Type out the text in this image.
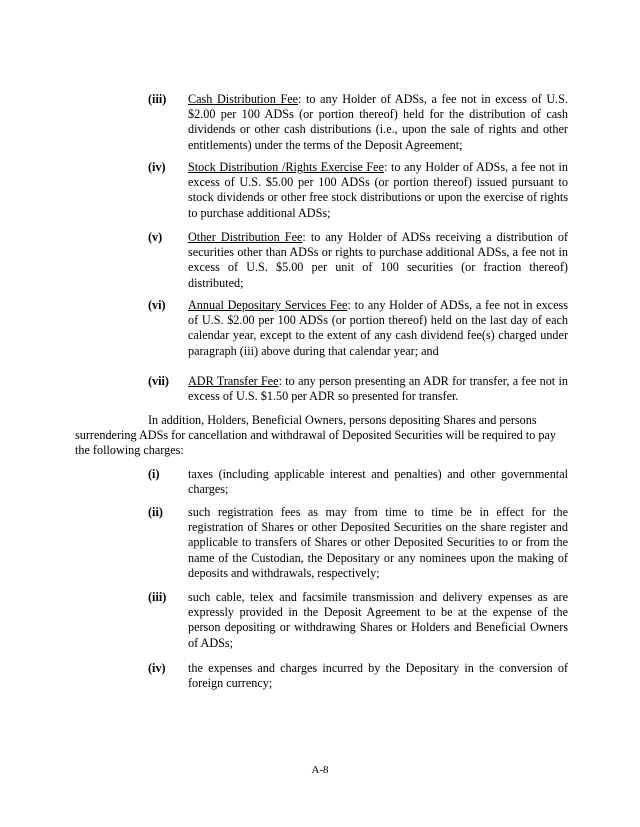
(iii) Cash Distribution Fee: to any Holder of ADSs, a fee not in excess of U.S. $2.00 per 100 ADSs (or portion thereof) held for the distribution of cash dividends or other cash distributions (i.e., upon the sale of rights and other entitlements) under the terms of the Deposit Agreement;
(iv) Stock Distribution /Rights Exercise Fee: to any Holder of ADSs, a fee not in excess of U.S. $5.00 per 100 ADSs (or portion thereof) issued pursuant to stock dividends or other free stock distributions or upon the exercise of rights to purchase additional ADSs;
(v) Other Distribution Fee: to any Holder of ADSs receiving a distribution of securities other than ADSs or rights to purchase additional ADSs, a fee not in excess of U.S. $5.00 per unit of 100 securities (or fraction thereof) distributed;
(vi) Annual Depositary Services Fee: to any Holder of ADSs, a fee not in excess of U.S. $2.00 per 100 ADSs (or portion thereof) held on the last day of each calendar year, except to the extent of any cash dividend fee(s) charged under paragraph (iii) above during that calendar year; and
(vii) ADR Transfer Fee: to any person presenting an ADR for transfer, a fee not in excess of U.S. $1.50 per ADR so presented for transfer.
In addition, Holders, Beneficial Owners, persons depositing Shares and persons surrendering ADSs for cancellation and withdrawal of Deposited Securities will be required to pay the following charges:
(i) taxes (including applicable interest and penalties) and other governmental charges;
(ii) such registration fees as may from time to time be in effect for the registration of Shares or other Deposited Securities on the share register and applicable to transfers of Shares or other Deposited Securities to or from the name of the Custodian, the Depositary or any nominees upon the making of deposits and withdrawals, respectively;
(iii) such cable, telex and facsimile transmission and delivery expenses as are expressly provided in the Deposit Agreement to be at the expense of the person depositing or withdrawing Shares or Holders and Beneficial Owners of ADSs;
(iv) the expenses and charges incurred by the Depositary in the conversion of foreign currency;
A-8
